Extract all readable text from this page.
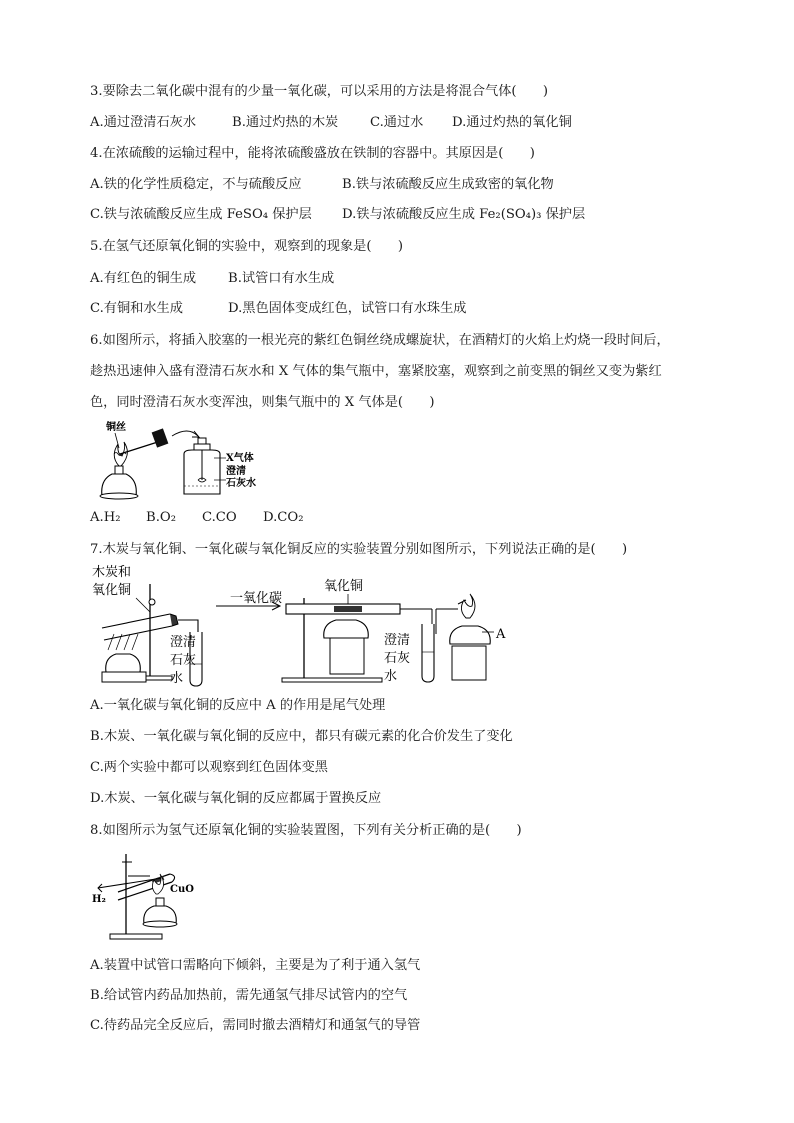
3.要除去二氧化碳中混有的少量一氧化碳，可以采用的方法是将混合气体(　　)
A.通过澄清石灰水	B.通过灼热的木炭 C.通过水 D.通过灼热的氧化铜
4.在浓硫酸的运输过程中，能将浓硫酸盛放在铁制的容器中。其原因是(　　)
A.铁的化学性质稳定，不与硫酸反应	B.铁与浓硫酸反应生成致密的氧化物
C.铁与浓硫酸反应生成 FeSO₄ 保护层 D.铁与浓硫酸反应生成 Fe₂(SO₄)₃ 保护层
5.在氢气还原氧化铜的实验中，观察到的现象是(　　)
A.有红色的铜生成 B.试管口有水生成
C.有铜和水生成	D.黑色固体变成红色，试管口有水珠生成
6.如图所示，将插入胶塞的一根光亮的紫红色铜丝绕成螺旋状，在酒精灯的火焰上灼烧一段时间后，
趁热迅速伸入盛有澄清石灰水和 X 气体的集气瓶中，塞紧胶塞，观察到之前变黑的铜丝又变为紫红
色，同时澄清石灰水变浑浊，则集气瓶中的 X 气体是(　　)
铜丝
X气体
澄清
石灰水
A.H₂ B.O₂ C.CO D.CO₂
7.木炭与氧化铜、一氧化碳与氧化铜反应的实验装置分别如图所示，下列说法正确的是(　　)
木炭和
氧化铜
澄清
石灰
水
一氧化碳
氧化铜
澄清
石灰
水
A
A.一氧化碳与氧化铜的反应中 A 的作用是尾气处理
B.木炭、一氧化碳与氧化铜的反应中，都只有碳元素的化合价发生了变化
C.两个实验中都可以观察到红色固体变黑
D.木炭、一氧化碳与氧化铜的反应都属于置换反应
8.如图所示为氢气还原氧化铜的实验装置图，下列有关分析正确的是(　　)
H₂
CuO
A.装置中试管口需略向下倾斜，主要是为了利于通入氢气
B.给试管内药品加热前，需先通氢气排尽试管内的空气
C.待药品完全反应后，需同时撤去酒精灯和通氢气的导管
